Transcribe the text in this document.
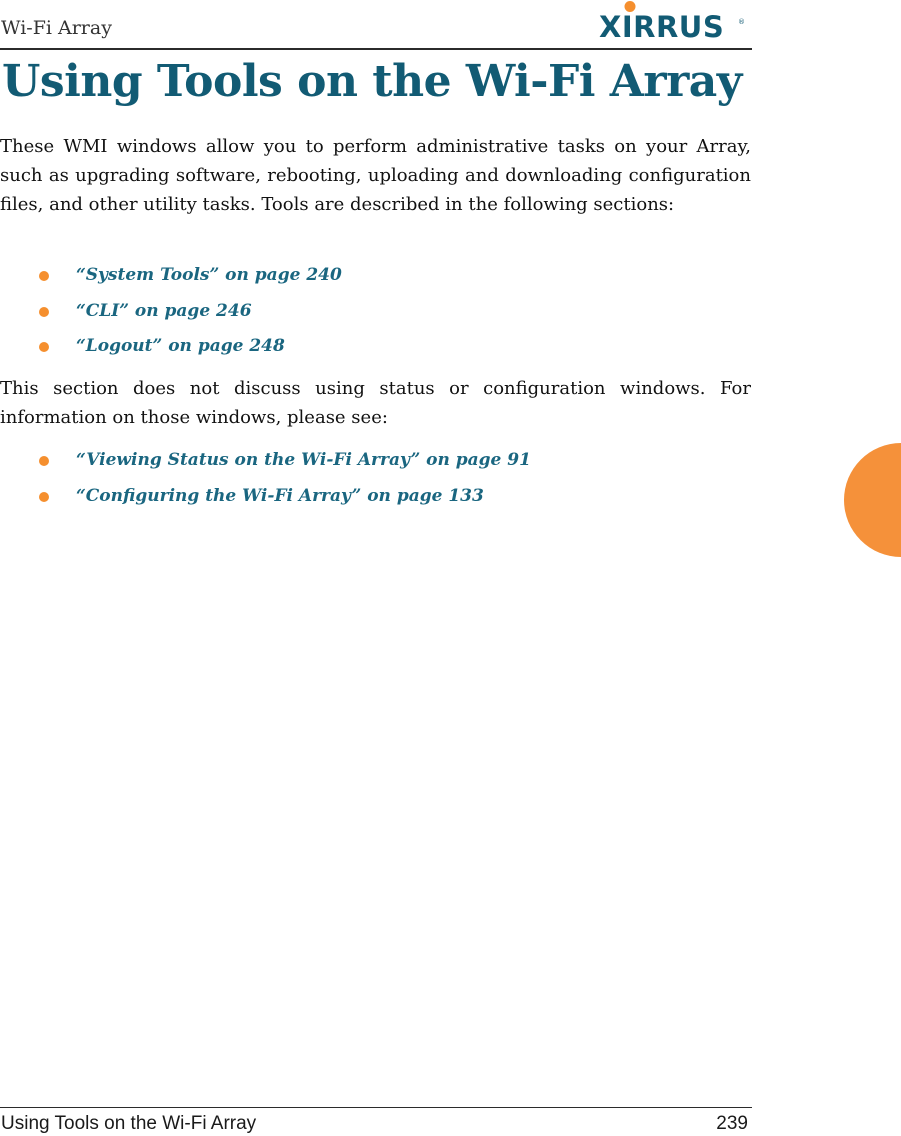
Wi-Fi Array	XIRRUS ®
Using Tools on the Wi-Fi Array

These WMI windows allow you to perform administrative tasks on your Array, such as upgrading software, rebooting, uploading and downloading configuration files, and other utility tasks. Tools are described in the following sections:

“System Tools” on page 240
“CLI” on page 246
“Logout” on page 248

This section does not discuss using status or configuration windows. For information on those windows, please see:

“Viewing Status on the Wi-Fi Array” on page 91
“Configuring the Wi-Fi Array” on page 133
Using Tools on the Wi-Fi Array	239
